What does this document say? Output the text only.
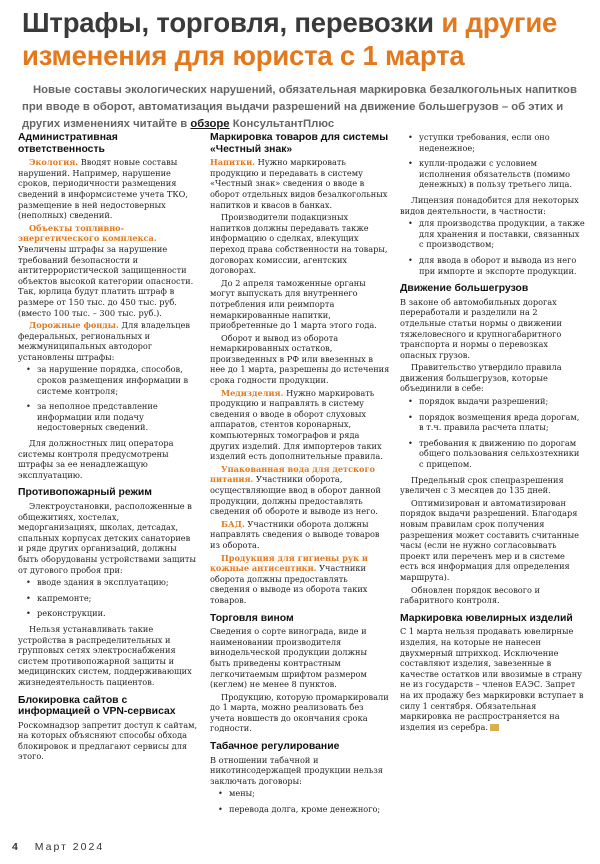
Штрафы, торговля, перевозки и другие
изменения для юриста с 1 марта

Новые составы экологических нарушений, обязательная маркировка безалкогольных напитков при вводе в оборот, автоматизация выдачи разрешений на движение большегрузов – об этих и других изменениях читайте в обзоре КонсультантПлюс

Административная ответственность

Экология. Вводят новые составы нарушений. Например, нарушение сроков, периодичности размещения сведений в информсистеме учета ТКО, размещение в ней недостоверных (неполных) сведений.

Объекты топливно-энергетического комплекса. Увеличены штрафы за нарушение требований безопасности и антитеррористической защищенности объектов высокой категории опасности. Так, юрлица будут платить штраф в размере от 150 тыс. до 450 тыс. руб. (вместо 100 тыс. – 300 тыс. руб.).

Дорожные фонды. Для владельцев федеральных, региональных и межмуниципальных автодорог установлены штрафы:

• за нарушение порядка, способов, сроков размещения информации в системе контроля;
• за неполное представление информации или подачу недостоверных сведений.

Для должностных лиц оператора системы контроля предусмотрены штрафы за ее ненадлежащую эксплуатацию.

Противопожарный режим

Электроустановки, расположенные в общежитиях, хостелах, медорганизациях, школах, детсадах, спальных корпусах детских санаториев и ряде других организаций, должны быть оборудованы устройствами защиты от дугового пробоя при:

• вводе здания в эксплуатацию;
• капремонте;
• реконструкции.

Нельзя устанавливать такие устройства в распределительных и групповых сетях электроснабжения систем противопожарной защиты и медицинских систем, поддерживающих жизнедеятельность пациентов.

Блокировка сайтов с информацией о VPN-сервисах

Роскомнадзор запретит доступ к сайтам, на которых объясняют способы обхода блокировок и предлагают сервисы для этого.

Маркировка товаров для системы «Честный знак»

Напитки. Нужно маркировать продукцию и передавать в систему «Честный знак» сведения о вводе в оборот отдельных видов безалкогольных напитков и квасов в банках.

Производители подакцизных напитков должны передавать также информацию о сделках, влекущих переход права собственности на товары, договорах комиссии, агентских договорах.

До 2 апреля таможенные органы могут выпускать для внутреннего потребления или реимпорта немаркированные напитки, приобретенные до 1 марта этого года.

Оборот и вывод из оборота немаркированных остатков, произведенных в РФ или ввезенных в нее до 1 марта, разрешены до истечения срока годности продукции.

Медизделия. Нужно маркировать продукцию и направлять в систему сведения о вводе в оборот слуховых аппаратов, стентов коронарных, компьютерных томографов и ряда других изделий. Для импортеров таких изделий есть дополнительные правила.

Упакованная вода для детского питания. Участники оборота, осуществляющие ввод в оборот данной продукции, должны предоставлять сведения об обороте и выводе из него.

БАД. Участники оборота должны направлять сведения о выводе товаров из оборота.

Продукция для гигиены рук и кожные антисептики. Участники оборота должны предоставлять сведения о выводе из оборота таких товаров.

Торговля вином

Сведения о сорте винограда, виде и наименовании производителя винодельческой продукции должны быть приведены контрастным легкочитаемым шрифтом размером (кеглем) не менее 8 пунктов.

Продукцию, которую промаркировали до 1 марта, можно реализовать без учета новшеств до окончания срока годности.

Табачное регулирование

В отношении табачной и никотинсодержащей продукции нельзя заключать договоры:

• мены;
• перевода долга, кроме денежного;
• уступки требования, если оно неденежное;
• купли-продажи с условием исполнения обязательств (помимо денежных) в пользу третьего лица.

Лицензия понадобится для некоторых видов деятельности, в частности:

• для производства продукции, а также для хранения и поставки, связанных с производством;
• для ввода в оборот и вывода из него при импорте и экспорте продукции.
Движение большегрузов

В законе об автомобильных дорогах переработали и разделили на 2 отдельные статьи нормы о движении тяжеловесного и крупногабаритного транспорта и нормы о перевозках опасных грузов.

Правительство утвердило правила движения большегрузов, которые объединили в себе:

• порядок выдачи разрешений;
• порядок возмещения вреда дорогам, в т.ч. правила расчета платы;
• требования к движению по дорогам общего пользования сельхозтехники с прицепом.

Предельный срок спецразрешения увеличен с 3 месяцев до 135 дней.

Оптимизирован и автоматизирован порядок выдачи разрешений. Благодаря новым правилам срок получения разрешения может составить считанные часы (если не нужно согласовывать проект или переченъ мер и в системе есть вся информация для определения маршрута).

Обновлен порядок весового и габаритного контроля.

Маркировка ювелирных изделий

С 1 марта нельзя продавать ювелирные изделия, на которые не нанесен двухмерный штрихкод. Исключение составляют изделия, завезенные в качестве остатков или ввозимые в страну не из государств – членов ЕАЭС. Запрет на их продажу без маркировки вступает в силу 1 сентября. Обязательная маркировка не распространяется на изделия из серебра.

4 Март 2024
